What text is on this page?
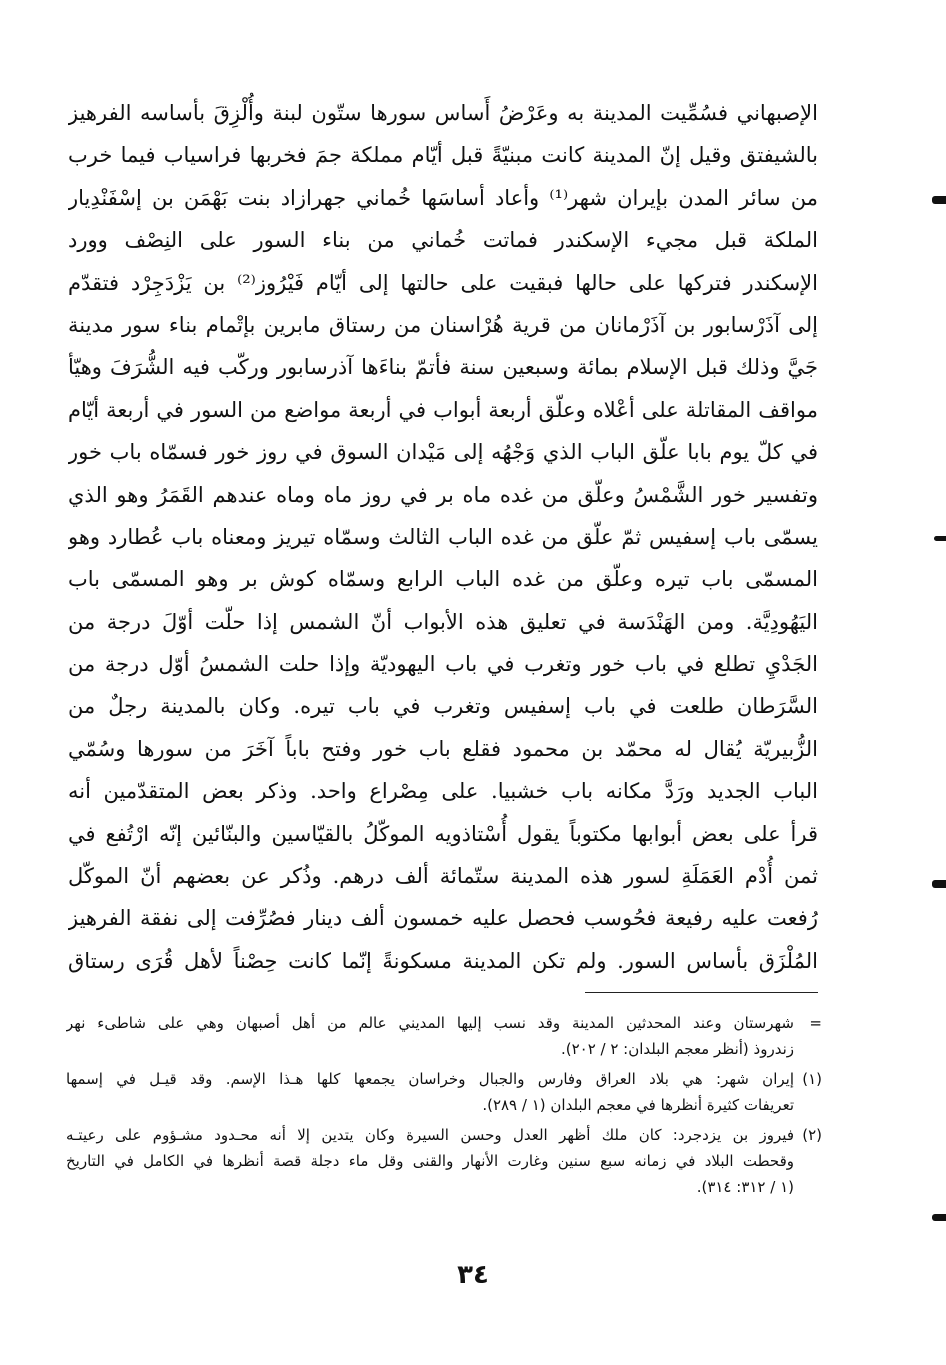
الإصبهاني فسُمِّيت المدينة به وعَرْضُ أَساس سورها ستّون لبنة وأُلْزِقَ بأساسه الفرهيز
بالشيفتق وقيل إنّ المدينة كانت مبنيّةً قبل أيّام مملكة جمَ فخربها فراسياب فيما خرب
من سائر المدن بإيران شهر⁽¹⁾ وأعاد أساسَها خُماني جهرازاد بنت بَهْمَن بن إسْفَنْدِيار
الملكة قبل مجيء الإسكندر فماتت خُماني من بناء السور على النِصْف وورد
الإسكندر فتركها على حالها فبقيت على حالتها إلى أيّام فَيْرُوز⁽²⁾ بن يَزْدَجِرْد فتقدّم
إلى آذَرْسابور بن آذَرْمانان من قرية هُرْاسنان من رستاق مابرين بإتْمام بناء سور مدينة
جَيَّ وذلك قبل الإسلام بمائة وسبعين سنة فأتمّ بناءَها آذرسابور وركّب فيه الشُّرَفَ وهيّأ
مواقف المقاتلة على أعْلاه وعلّق أربعة أبواب في أربعة مواضع من السور في أربعة أيّام
في كلّ يوم بابا علّق الباب الذي وَجْهُه إلى مَيْدان السوق في روز خور فسمّاه باب خور
وتفسير خور الشَّمْسُ وعلّق من غده ماه بر في روز ماه وماه عندهم القَمَرُ وهو الذي
يسمّى باب إسفيس ثمّ علّق من غده الباب الثالث وسمّاه تيريز ومعناه باب عُطارد وهو
المسمّى باب تيره وعلّق من غده الباب الرابع وسمّاه كوش بر وهو المسمّى باب
اليَهُودِيَّة. ومن الهَنْدَسة في تعليق هذه الأبواب أنّ الشمس إذا حلّت أوّلَ درجة من
الجَدْيِ تطلع في باب خور وتغرب في باب اليهوديّة وإذا حلت الشمسُ أوّل درجة من
السَّرَطان طلعت في باب إسفيس وتغرب في باب تيره. وكان بالمدينة رجلٌ من
الزُّبيريّة يُقال له محمّد بن محمود فقلع باب خور وفتح باباً آخَرَ من سورها وسُمّي
الباب الجديد ورَدَّ مكانه باب خشبيا. على مِصْراع واحد. وذكر بعض المتقدّمين أنه
قرأ على بعض أبوابها مكتوباً يقول أُسْتاذويه الموكّلُ بالقيّاسين والبنّائين إنّه ارْتُفع في
ثمن أُدْم العَمَلَةِ لسور هذه المدينة ستّمائة ألف درهم. وذُكر عن بعضهم أنّ الموكّل
رُفعت عليه رفيعة فحُوسب فحصل عليه خمسون ألف دينار فصُرِّفت إلى نفقة الفرهيز
المُلْزَق بأساس السور. ولم تكن المدينة مسكونةً إنّما كانت حِصْناً لأهل قُرَى رستاق
=
شهرستان وعند المحدثين المدينة وقد نسب إليها المديني عالم من أهل أصبهان وهي على شاطىء نهر
زندروذ (أنظر معجم البلدان: ٢ / ٢٠٢).
(١)
إيران شهر: هي بلاد العراق وفارس والجبال وخراسان يجمعها كلها هـذا الإسم. وقد قيـل في إسمها
تعريفات كثيرة أنظرها في معجم البلدان (١ / ٢٨٩).
(٢)
فيروز بن يزدجرد: كان ملك أظهر العدل وحسن السيرة وكان يتدين إلا أنه محـدود مشـؤوم على رعيتـه
وقحطت البلاد في زمانه سبع سنين وغارت الأنهار والقنى وقل ماء دجلة قصة أنظرها في الكامل في التاريخ
(١ / ٣١٢: ٣١٤).
٣٤
